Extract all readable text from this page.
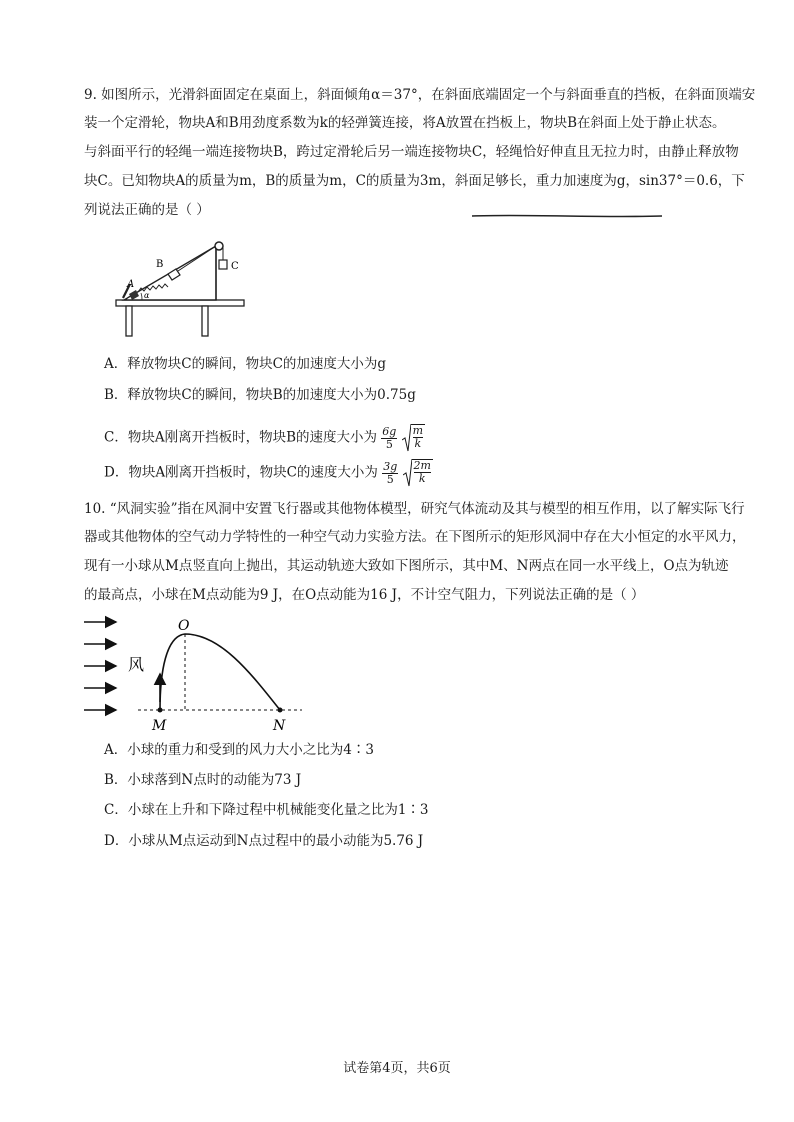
9. 如图所示，光滑斜面固定在桌面上，斜面倾角α＝37°，在斜面底端固定一个与斜面垂直的挡板，在斜面顶端安
装一个定滑轮，物块A和B用劲度系数为k的轻弹簧连接，将A放置在挡板上，物块B在斜面上处于静止状态。
与斜面平行的轻绳一端连接物块B，跨过定滑轮后另一端连接物块C，轻绳恰好伸直且无拉力时，由静止释放物
块C。已知物块A的质量为m，B的质量为m，C的质量为3m，斜面足够长，重力加速度为g，sin37°＝0.6，下
列说法正确的是（ ）
A
B	C
α
A．释放物块C的瞬间，物块C的加速度大小为g
B．释放物块C的瞬间，物块B的加速度大小为0.75g
C．物块A刚离开挡板时，物块B的速度大小为 $\frac{6g}{5}$
$\frac{m}{k}$
D．物块A刚离开挡板时，物块C的速度大小为 $\frac{3g}{5}$
$\frac{2m}{k}$
10. “风洞实验”指在风洞中安置飞行器或其他物体模型，研究气体流动及其与模型的相互作用，以了解实际飞行
器或其他物体的空气动力学特性的一种空气动力实验方法。在下图所示的矩形风洞中存在大小恒定的水平风力，
现有一小球从M点竖直向上抛出，其运动轨迹大致如下图所示，其中M、N两点在同一水平线上，O点为轨迹
的最高点，小球在M点动能为9 J，在O点动能为16 J，不计空气阻力，下列说法正确的是（ ）
风
O
M	N
A．小球的重力和受到的风力大小之比为4∶3
B．小球落到N点时的动能为73 J
C．小球在上升和下降过程中机械能变化量之比为1∶3
D．小球从M点运动到N点过程中的最小动能为5.76 J
试卷第4页，共6页
